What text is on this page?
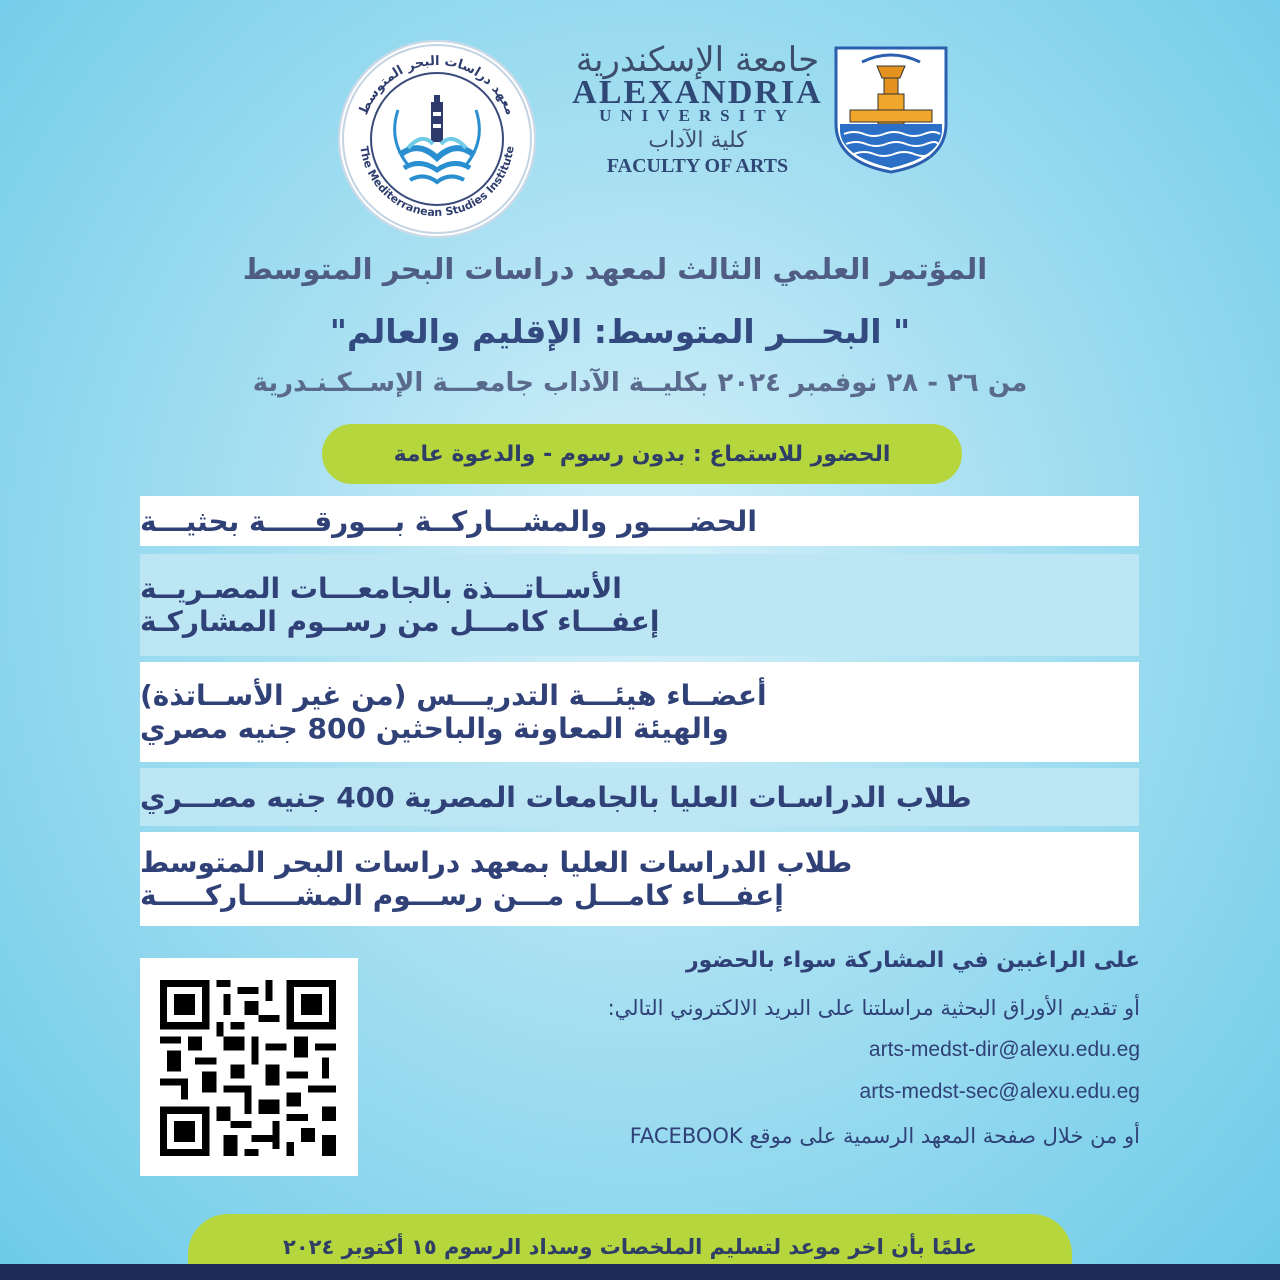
معهد دراسات البحر المتوسط
The Mediterranean Studies Institute
جامعة الإسكندرية
ALEXANDRIA
UNIVERSITY
كلية الآداب
FACULTY OF ARTS
المؤتمر العلمي الثالث لمعهد دراسات البحر المتوسط
" البحـــر المتوسط: الإقليم والعالم"
من ٢٦ - ٢٨ نوفمبر ٢٠٢٤ بكليــة الآداب جامعـــة الإســكـنـدرية
الحضور للاستماع : بدون رسوم - والدعوة عامة
الحضــــور والمشـــاركــة بـــورقـــــة بحثيـــة
الأســاتـــذة بالجامعـــات المصـريــة
إعفـــاء كامـــل من رســوم المشاركـة
أعضــاء هيئـــة التدريـــس (من غير الأســاتذة)
والهيئة المعاونة والباحثين 800 جنيه مصري
طلاب الدراسـات العليا بالجامعات المصرية 400 جنيه مصـــري
طلاب الدراسات العليا بمعهد دراسات البحر المتوسط
إعفـــاء كامـــل مـــن رســـوم المشـــــاركـــــة
على الراغبين في المشاركة سواء بالحضور
أو تقديم الأوراق البحثية مراسلتنا على البريد الالكتروني التالي:
arts-medst-dir@alexu.edu.eg
arts-medst-sec@alexu.edu.eg
أو من خلال صفحة المعهد الرسمية على موقع FACEBOOK
علمًا بأن اخر موعد لتسليم الملخصات وسداد الرسوم ١٥ أكتوبر ٢٠٢٤
